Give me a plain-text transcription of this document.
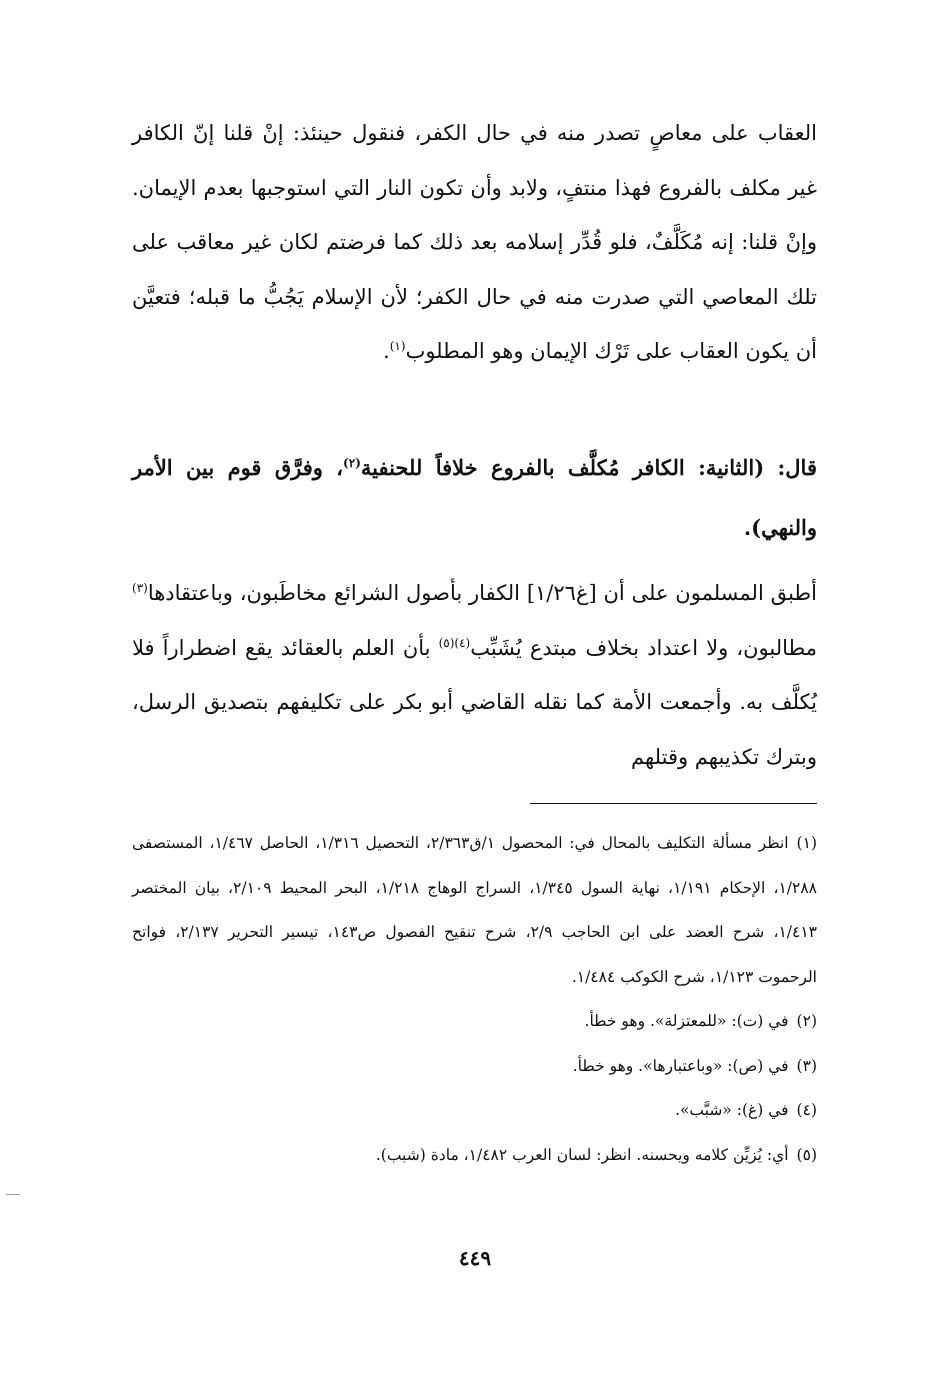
العقاب على معاصٍ تصدر منه في حال الكفر، فنقول حينئذ: إنْ قلنا إنّ الكافر غير مكلف بالفروع فهذا منتفٍ، ولابد وأن تكون النار التي استوجبها بعدم الإيمان. وإنْ قلنا: إنه مُكَلَّفٌ، فلو قُدِّر إسلامه بعد ذلك كما فرضتم لكان غير معاقب على تلك المعاصي التي صدرت منه في حال الكفر؛ لأن الإسلام يَجُبُّ ما قبله؛ فتعيَّن أن يكون العقاب على تَرْك الإيمان وهو المطلوب$^{(١)}$.
قال: (الثانية: الكافر مُكلَّف بالفروع خلافاً للحنفية$^{(٢)}$، وفرَّق قوم بين الأمر والنهي).
أطبق المسلمون على أن [غ١/٢٦] الكفار بأصول الشرائع مخاطَبون، وباعتقادها$^{(٣)}$ مطالبون، ولا اعتداد بخلاف مبتدع يُشَبِّب$^{(٤)(٥)}$ بأن العلم بالعقائد يقع اضطراراً فلا يُكلَّف به. وأجمعت الأمة كما نقله القاضي أبو بكر على تكليفهم بتصديق الرسل، وبترك تكذيبهم وقتلهم

(١)انظر مسألة التكليف بالمحال في: المحصول ١/ق٢/٣٦٣، التحصيل ١/٣١٦، الحاصل ١/٤٦٧، المستصفى ١/٢٨٨، الإحكام ١/١٩١، نهاية السول ١/٣٤٥، السراج الوهاج ١/٢١٨، البحر المحيط ٢/١٠٩، بيان المختصر ١/٤١٣، شرح العضد على ابن الحاجب ٢/٩، شرح تنقيح الفصول ص١٤٣، تيسير التحرير ٢/١٣٧، فواتح الرحموت ١/١٢٣، شرح الكوكب ١/٤٨٤.

(٢)في (ت): «للمعتزلة». وهو خطأ.

(٣)في (ص): «وباعتبارها». وهو خطأ.

(٤)في (غ): «شبَّب».

(٥)أي: يُزيِّن كلامه ويحسنه. انظر: لسان العرب ١/٤٨٢، مادة (شبب).

٤٤٩
